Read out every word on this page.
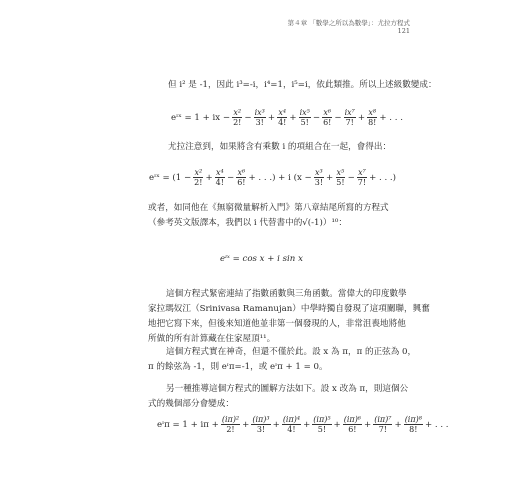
第４章 「數學之所以為數學」：尤拉方程式
121
但 i² 是 -1，因此 i³=-i，i⁴=1，i⁵=i，依此類推。所以上述級數變成：
eᶦˣ = 1 + ix − $\frac{\text{x²}}{2!} - \frac{\text{ix³}}{3!} + \frac{\text{x⁴}}{4!} + \frac{\text{ix⁵}}{5!} - \frac{\text{x⁶}}{6!} - \frac{\text{ix⁷}}{7!} + \frac{\text{x⁸}}{8!}$ + . . .
尤拉注意到，如果將含有乘數 i 的項組合在一起，會得出：
eᶦˣ = ($1 - \frac{\text{x²}}{2!} + \frac{\text{x⁴}}{4!} - \frac{\text{x⁶}}{6!}$ + . . .) + i ($x - \frac{\text{x³}}{3!} + \frac{\text{x⁵}}{5!} - \frac{\text{x⁷}}{7!}$ + . . .)
或者，如同他在《無窮微量解析入門》第八章結尾所寫的方程式
（參考英文版譯本，我們以 i 代替書中的√(-1)）¹⁰：
eᶦˣ = cos x + i sin x
這個方程式緊密連結了指數函數與三角函數。當偉大的印度數學
家拉瑪奴江（Srinivasa Ramanujan）中學時獨自發現了這項關聯，興奮
地把它寫下來，但後來知道他並非第一個發現的人，非常沮喪地將他
所做的所有計算藏在住家屋頂¹¹。
這個方程式實在神奇，但還不僅於此。設 x 為 π，π 的正弦為 0，
π 的餘弦為 -1，則 eᶦπ=-1，或 eᶦπ + 1 = 0。
另一種推導這個方程式的圖解方法如下。設 x 改為 π，則這個公
式的幾個部分會變成：
eᶦπ = $1 + i\pi + \frac{\text{(iπ)²}}{2!} + \frac{\text{(iπ)³}}{3!} + \frac{\text{(iπ)⁴}}{4!} + \frac{\text{(iπ)⁵}}{5!} + \frac{\text{(iπ)⁶}}{6!} + \frac{\text{(iπ)⁷}}{7!} + \frac{\text{(iπ)⁸}}{8!}$ + . . .
